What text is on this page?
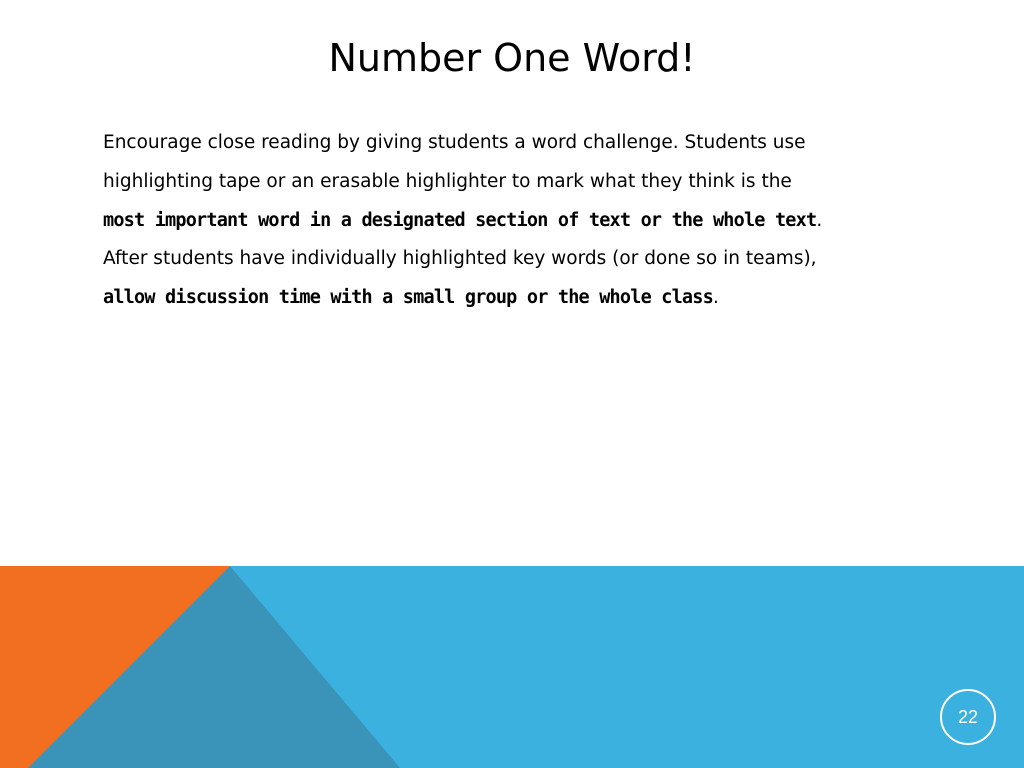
Number One Word!
Encourage close reading by giving students a word challenge. Students use
highlighting tape or an erasable highlighter to mark what they think is the
most important word in a designated section of text or the whole text.
After students have individually highlighted key words (or done so in teams),
allow discussion time with a small group or the whole class.
22
